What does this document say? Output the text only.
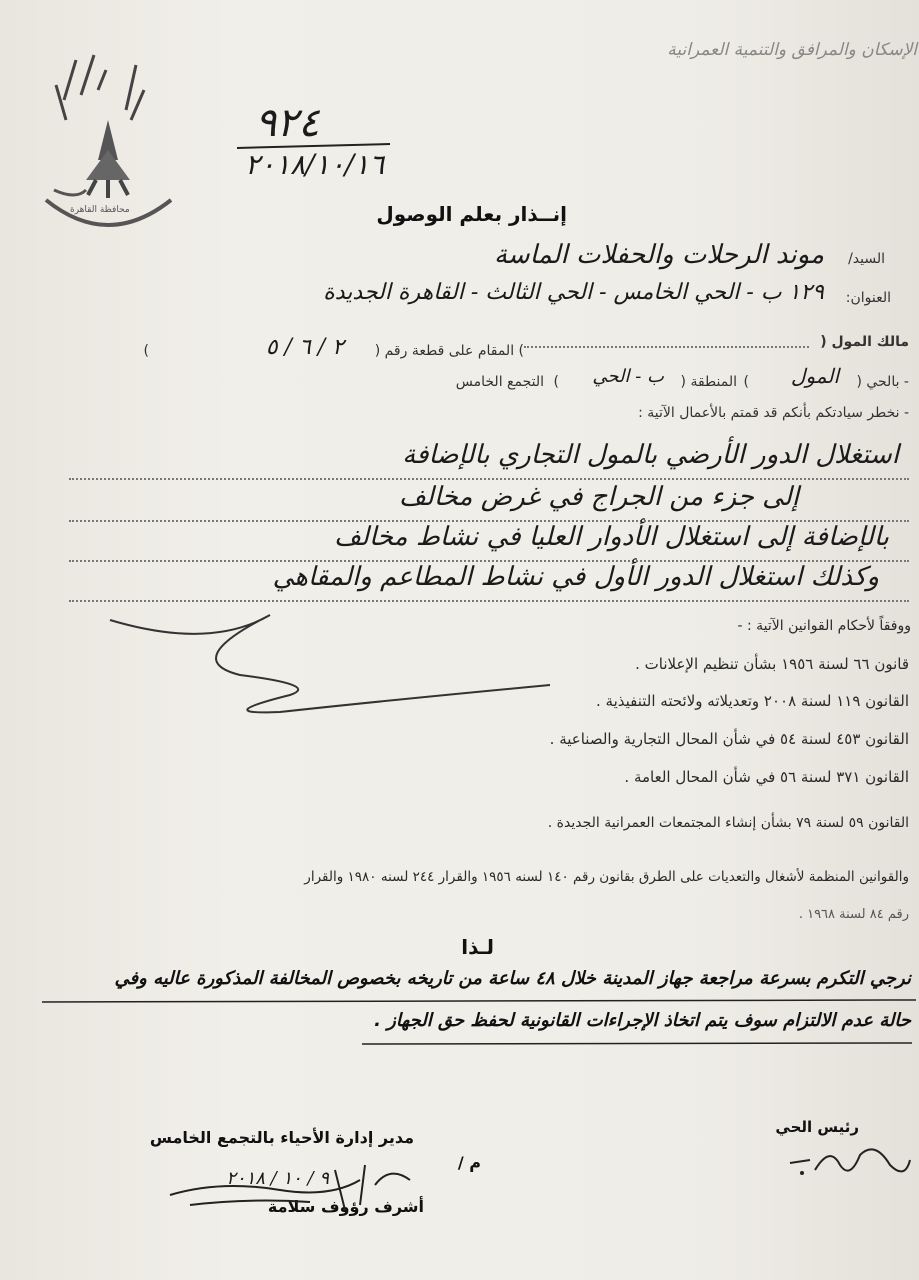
محافظة القاهرة
الإسكان والمرافق والتنمية العمرانية
٩٢٤
٢٠١٨/١٠/١٦
إنــذار بعلم الوصول
السيد/
موند الرحلات والحفلات الماسة
العنوان:
١٢٩ ب - الحي الخامس - الحي الثالث - القاهرة الجديدة
مالك المول (
) المقام على قطعة رقم (
٢ / ٦ / ٥
)
- بالحي (
المول
)
المنطقة (
ب - الحي
)
التجمع الخامس
- نخطر سيادتكم بأنكم قد قمتم بالأعمال الآتية :
استغلال الدور الأرضي بالمول التجاري بالإضافة
إلى جزء من الجراج في غرض مخالف
بالإضافة إلى استغلال الأدوار العليا في نشاط مخالف
وكذلك استغلال الدور الأول في نشاط المطاعم والمقاهي
ووفقاً لأحكام القوانين الآتية : -
قانون ٦٦ لسنة ١٩٥٦ بشأن تنظيم الإعلانات .
القانون ١١٩ لسنة ٢٠٠٨ وتعديلاته ولائحته التنفيذية .
القانون ٤٥٣ لسنة ٥٤ في شأن المحال التجارية والصناعية .
القانون ٣٧١ لسنة ٥٦ في شأن المحال العامة .
القانون ٥٩ لسنة ٧٩ بشأن إنشاء المجتمعات العمرانية الجديدة .
والقوانين المنظمة لأشغال والتعديات على الطرق بقانون رقم ١٤٠ لسنه ١٩٥٦ والقرار ٢٤٤ لسنه ١٩٨٠ والقرار
رقم ٨٤ لسنة ١٩٦٨ .
لـذا
نرجي التكرم بسرعة مراجعة جهاز المدينة خلال ٤٨ ساعة من تاريخه بخصوص المخالفة المذكورة عاليه وفي
حالة عدم الالتزام سوف يتم اتخاذ الإجراءات القانونية لحفظ حق الجهاز .
رئيس الحي
مدير إدارة الأحياء بالتجمع الخامس
م /
٩ / ١٠ / ٢٠١٨
أشرف رؤوف سلامة
